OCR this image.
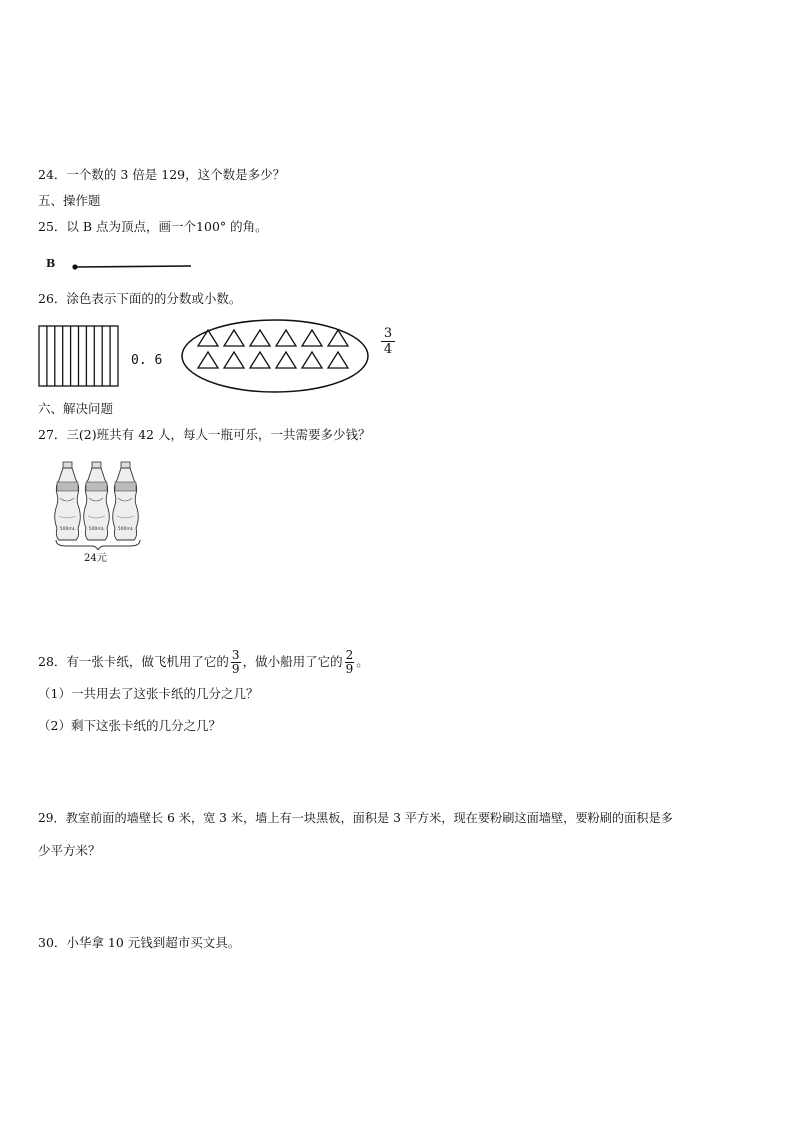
24．一个数的 3 倍是 129，这个数是多少？
五、操作题
25．以 B 点为顶点，画一个100° 的角。
B
26．涂色表示下面的的分数或小数。
0. 6
$\frac{3}{4}$
六、解决问题
27．三(2)班共有 42 人，每人一瓶可乐，一共需要多少钱？
500mL	500mL	500mL
24元
28．有一张卡纸，做飞机用了它的 $\frac{3}{9}$ ，做小船用了它的 $\frac{2}{9}$ 。
（1）一共用去了这张卡纸的几分之几？
（2）剩下这张卡纸的几分之几？
29．教室前面的墙壁长 6 米，宽 3 米，墙上有一块黑板，面积是 3 平方米，现在要粉刷这面墙壁，要粉刷的面积是多
少平方米？
30．小华拿 10 元钱到超市买文具。
